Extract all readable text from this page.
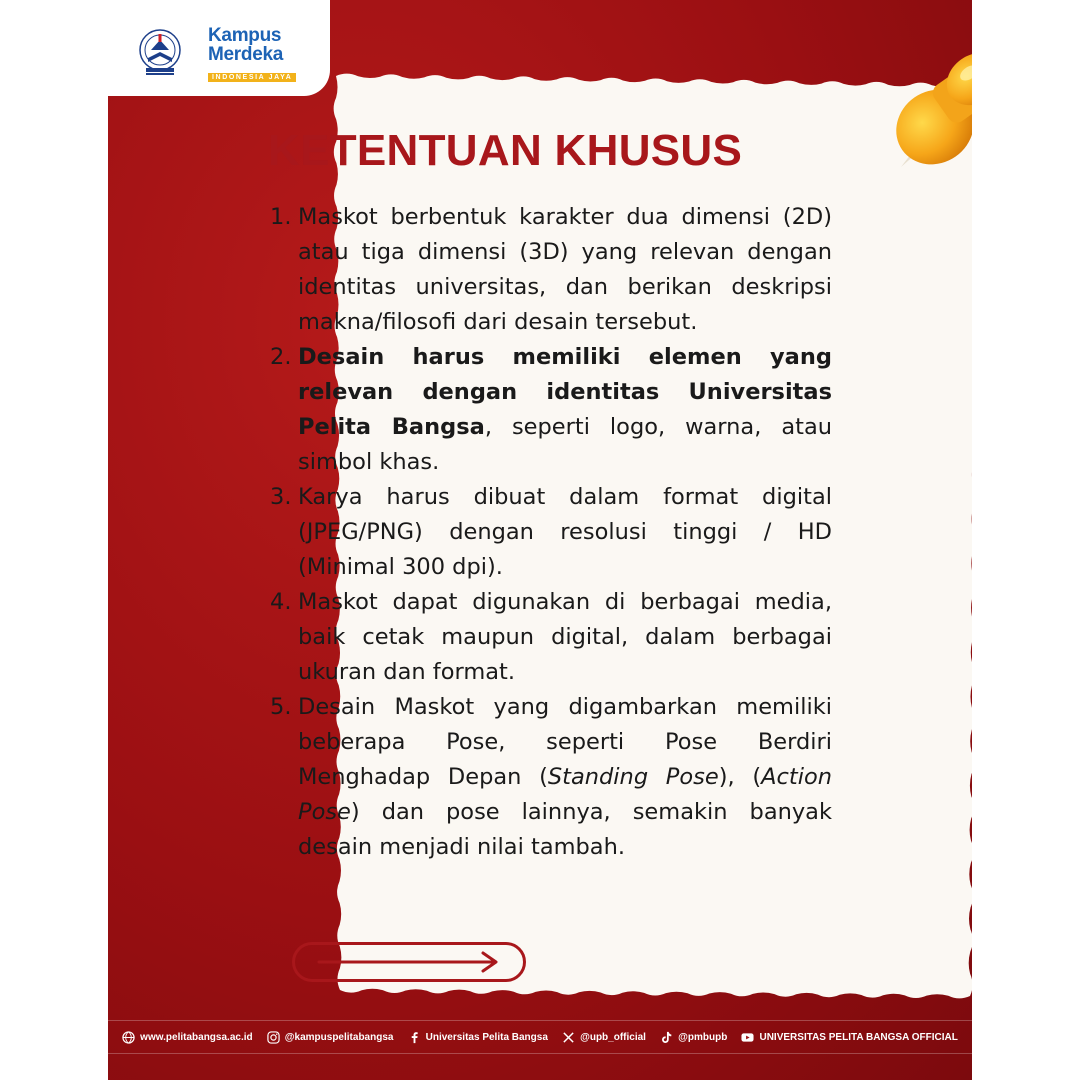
Kampus
Merdeka
INDONESIA JAYA
KETENTUAN KHUSUS
1. Maskot berbentuk karakter dua dimensi (2D) atau tiga dimensi (3D) yang relevan dengan identitas universitas, dan berikan deskripsi makna/filosofi dari desain tersebut.
2. Desain harus memiliki elemen yang relevan dengan identitas Universitas Pelita Bangsa, seperti logo, warna, atau simbol khas.
3. Karya harus dibuat dalam format digital (JPEG/PNG) dengan resolusi tinggi / HD (Minimal 300 dpi).
4. Maskot dapat digunakan di berbagai media, baik cetak maupun digital, dalam berbagai ukuran dan format.
5. Desain Maskot yang digambarkan memiliki beberapa Pose, seperti Pose Berdiri Menghadap Depan (Standing Pose), (Action Pose) dan pose lainnya, semakin banyak desain menjadi nilai tambah.
www.pelitabangsa.ac.id	@kampuspelitabangsa	Universitas Pelita Bangsa	@upb_official	@pmbupb	UNIVERSITAS PELITA BANGSA OFFICIAL
